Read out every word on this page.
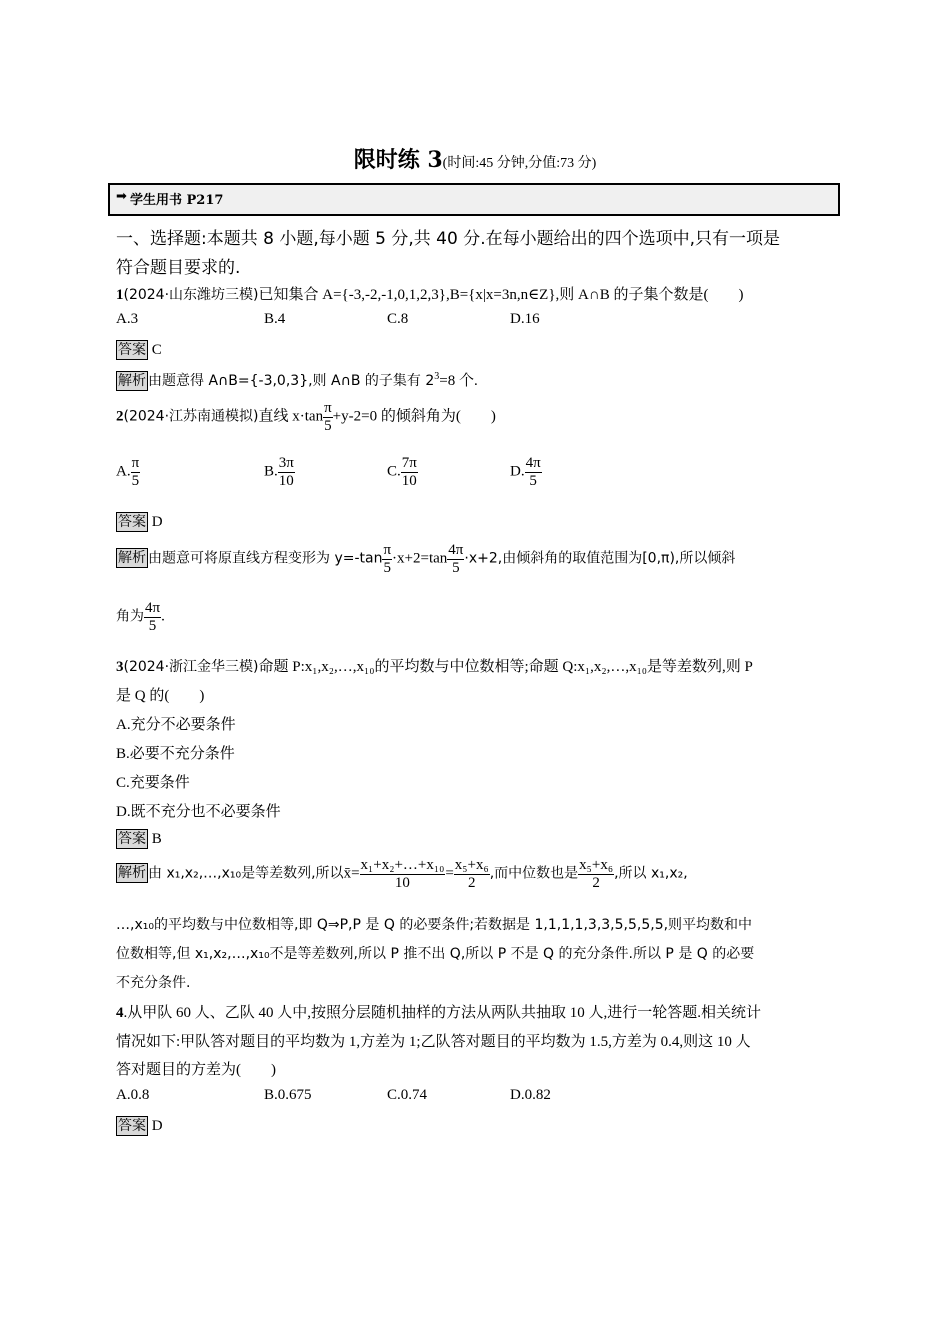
限时练 3(时间:45 分钟,分值:73 分)
➡ 学生用书 P217
一、选择题:本题共 8 小题,每小题 5 分,共 40 分.在每小题给出的四个选项中,只有一项是
符合题目要求的.
1(2024·山东潍坊三模)已知集合 A={-3,-2,-1,0,1,2,3},B={x|x=3n,n∈Z},则 A∩B 的子集个数是(　　)
A.3	B.4	C.8	D.16
答案 C
解析 由题意得 A∩B={-3,0,3},则 A∩B 的子集有 $2^3=8$ 个.
2(2024·江苏南通模拟)直线 $x\cdot\tan \frac{\pi}{5} +y-2=0$ 的倾斜角为(　　)
A. $\frac{\pi}{5}$	B. $\frac{3\pi}{10}$	C. $\frac{7\pi}{10}$	D. $\frac{4\pi}{5}$
答案 D
解析 由题意可将原直线方程变形为 $y=-\tan \frac{\pi}{5} \cdot x+2=\tan \frac{4\pi}{5} \cdot x+2$,由倾斜角的取值范围为[0,π),所以倾斜
角为 $\frac{4\pi}{5}$ .
3(2024·浙江金华三模)命题 P:x₁,x₂,…,x₁₀的平均数与中位数相等;命题 Q:x₁,x₂,…,x₁₀是等差数列,则 P
是 Q 的(　　)
A.充分不必要条件
B.必要不充分条件
C.充要条件
D.既不充分也不必要条件
答案 B
解析 由 x₁,x₂,…,x₁₀是等差数列,所以x̄= $\frac{\text{x₁+x₂+…+x₁₀}}{10} = \frac{\text{x₅+x₆}}{2}$ ,而中位数也是 $\frac{\text{x₅+x₆}}{2}$ ,所以 x₁,x₂,
…,x₁₀的平均数与中位数相等,即 Q⇒P,P 是 Q 的必要条件;若数据是 1,1,1,1,3,3,5,5,5,5,则平均数和中
位数相等,但 x₁,x₂,…,x₁₀不是等差数列,所以 P 推不出 Q,所以 P 不是 Q 的充分条件.所以 P 是 Q 的必要
不充分条件.
4.从甲队 60 人、乙队 40 人中,按照分层随机抽样的方法从两队共抽取 10 人,进行一轮答题.相关统计
情况如下:甲队答对题目的平均数为 1,方差为 1;乙队答对题目的平均数为 1.5,方差为 0.4,则这 10 人
答对题目的方差为(　　)
A.0.8	B.0.675	C.0.74	D.0.82
答案 D
